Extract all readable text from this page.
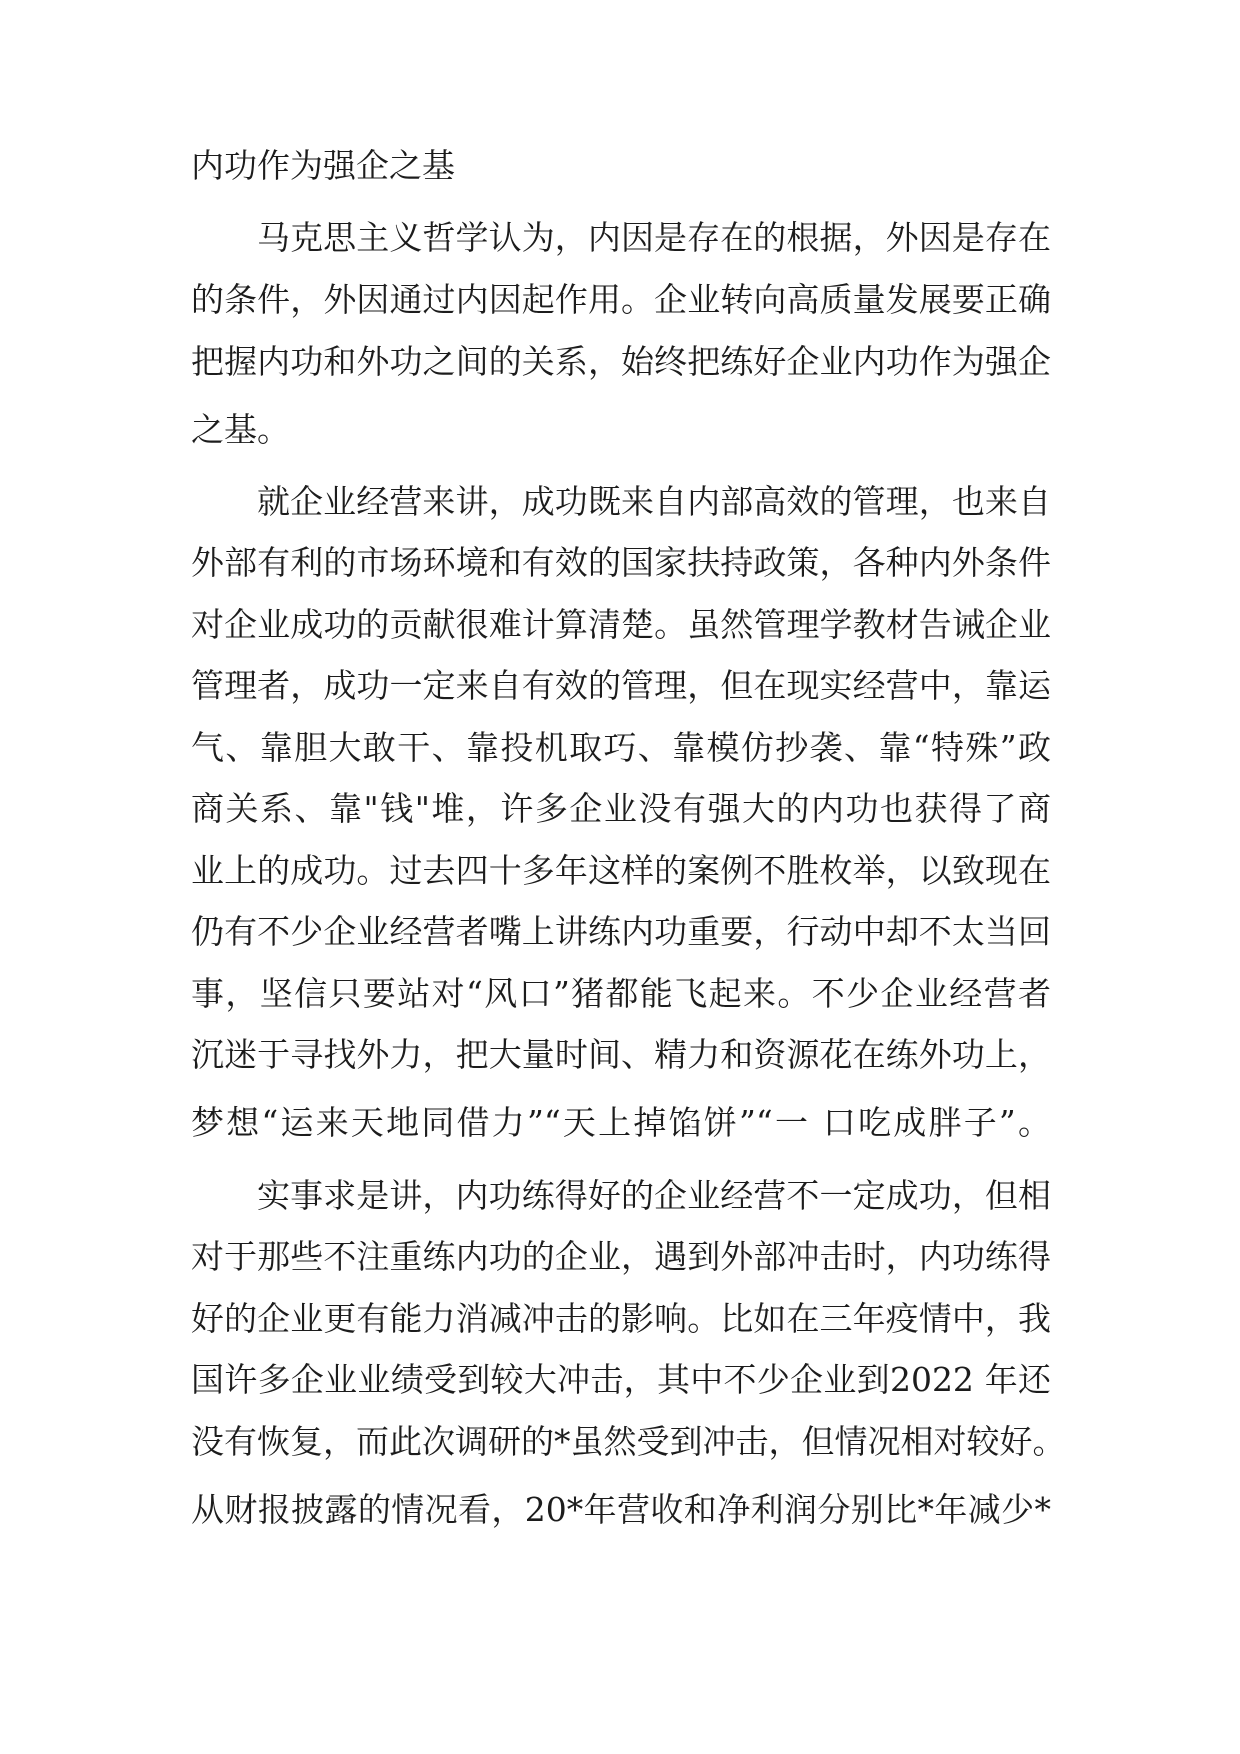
内功作为强企之基
马克思主义哲学认为，内因是存在的根据，外因是存在
的条件，外因通过内因起作用。企业转向高质量发展要正确
把握内功和外功之间的关系，始终把练好企业内功作为强企
之基。
就企业经营来讲，成功既来自内部高效的管理，也来自
外部有利的市场环境和有效的国家扶持政策，各种内外条件
对企业成功的贡献很难计算清楚。虽然管理学教材告诫企业
管理者，成功一定来自有效的管理，但在现实经营中，靠运
气、靠胆大敢干、靠投机取巧、靠模仿抄袭、靠“特殊”政
商关系、靠"钱"堆，许多企业没有强大的内功也获得了商
业上的成功。过去四十多年这样的案例不胜枚举，以致现在
仍有不少企业经营者嘴上讲练内功重要，行动中却不太当回
事，坚信只要站对“风口”猪都能飞起来。不少企业经营者
沉迷于寻找外力，把大量时间、精力和资源花在练外功上，
梦想“运来天地同借力”“天上掉馅饼”“一 口吃成胖子”。
实事求是讲，内功练得好的企业经营不一定成功，但相
对于那些不注重练内功的企业，遇到外部冲击时，内功练得
好的企业更有能力消减冲击的影响。比如在三年疫情中，我
国许多企业业绩受到较大冲击，其中不少企业到2022 年还
没有恢复，而此次调研的*虽然受到冲击，但情况相对较好。
从财报披露的情况看，20*年营收和净利润分别比*年减少*
